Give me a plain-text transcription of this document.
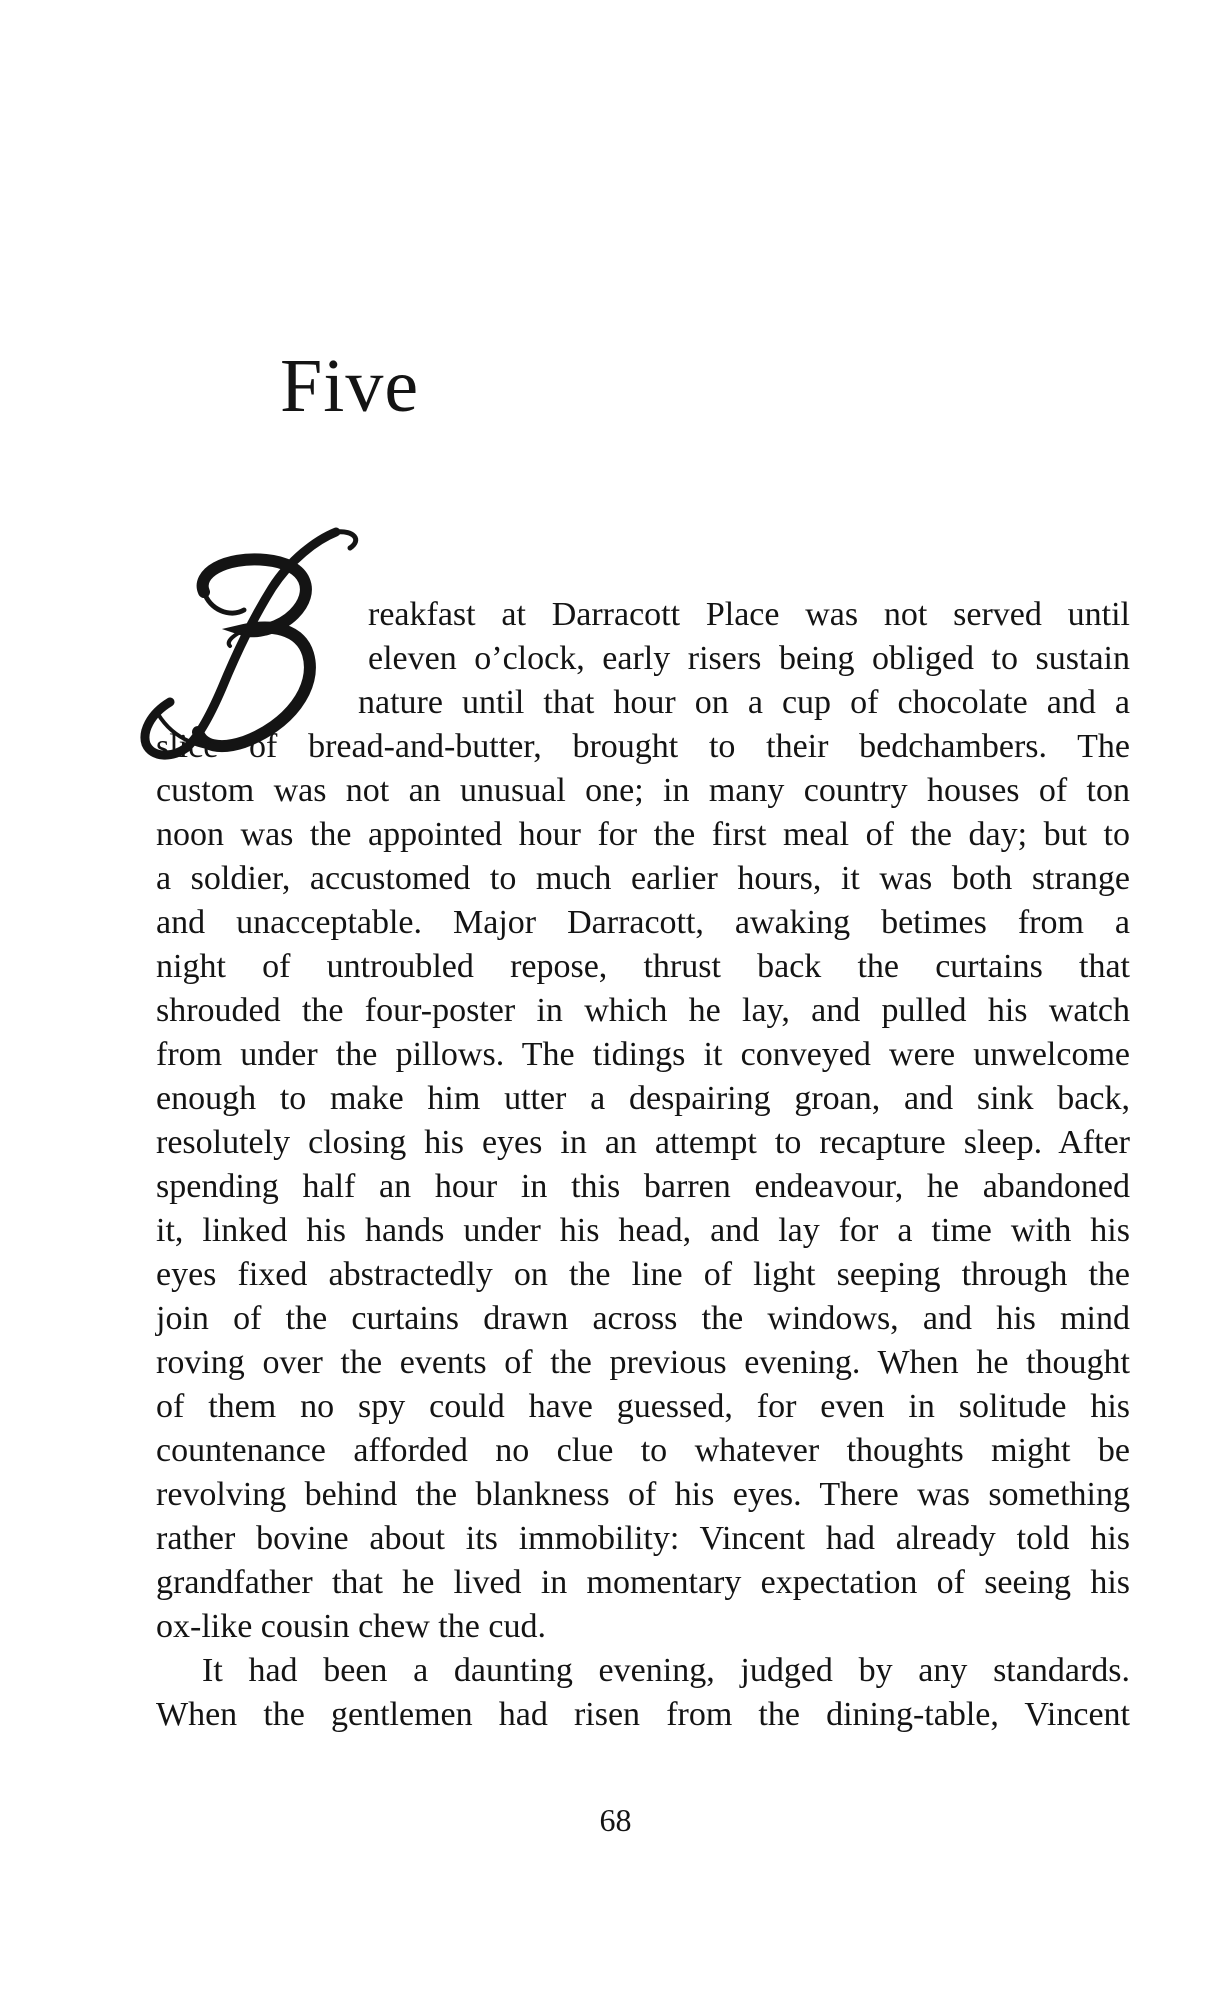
Five
reakfast at Darracott Place was not served until
eleven o’clock, early risers being obliged to sustain
nature until that hour on a cup of chocolate and a
slice of bread-and-butter, brought to their bedchambers. The
custom was not an unusual one; in many country houses of ton
noon was the appointed hour for the first meal of the day; but to
a soldier, accustomed to much earlier hours, it was both strange
and unacceptable. Major Darracott, awaking betimes from a
night of untroubled repose, thrust back the curtains that
shrouded the four-poster in which he lay, and pulled his watch
from under the pillows. The tidings it conveyed were unwelcome
enough to make him utter a despairing groan, and sink back,
resolutely closing his eyes in an attempt to recapture sleep. After
spending half an hour in this barren endeavour, he abandoned
it, linked his hands under his head, and lay for a time with his
eyes fixed abstractedly on the line of light seeping through the
join of the curtains drawn across the windows, and his mind
roving over the events of the previous evening. When he thought
of them no spy could have guessed, for even in solitude his
countenance afforded no clue to whatever thoughts might be
revolving behind the blankness of his eyes. There was something
rather bovine about its immobility: Vincent had already told his
grandfather that he lived in momentary expectation of seeing his
ox-like cousin chew the cud.
It had been a daunting evening, judged by any standards.
When the gentlemen had risen from the dining-table, Vincent
68
